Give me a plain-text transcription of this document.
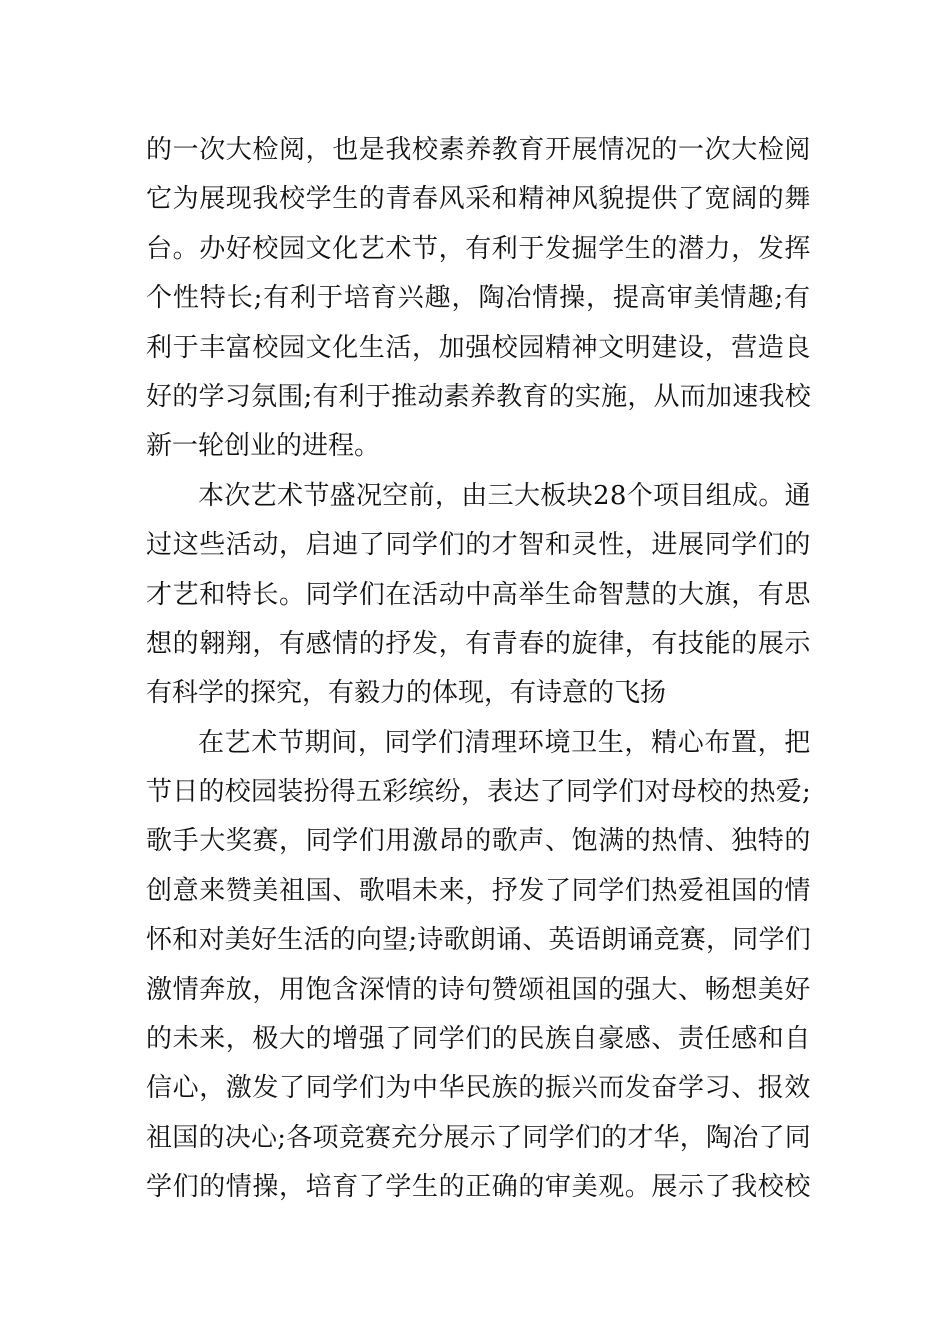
的一次大检阅，也是我校素养教育开展情况的一次大检阅
它为展现我校学生的青春风采和精神风貌提供了宽阔的舞
台。办好校园文化艺术节，有利于发掘学生的潜力，发挥
个性特长;有利于培育兴趣，陶冶情操，提高审美情趣;有
利于丰富校园文化生活，加强校园精神文明建设，营造良
好的学习氛围;有利于推动素养教育的实施，从而加速我校
新一轮创业的进程。
本次艺术节盛况空前，由三大板块28个项目组成。通
过这些活动，启迪了同学们的才智和灵性，进展同学们的
才艺和特长。同学们在活动中高举生命智慧的大旗，有思
想的翱翔，有感情的抒发，有青春的旋律，有技能的展示
有科学的探究，有毅力的体现，有诗意的飞扬
在艺术节期间，同学们清理环境卫生，精心布置，把
节日的校园装扮得五彩缤纷，表达了同学们对母校的热爱;
歌手大奖赛，同学们用激昂的歌声、饱满的热情、独特的
创意来赞美祖国、歌唱未来，抒发了同学们热爱祖国的情
怀和对美好生活的向望;诗歌朗诵、英语朗诵竞赛，同学们
激情奔放，用饱含深情的诗句赞颂祖国的强大、畅想美好
的未来，极大的增强了同学们的民族自豪感、责任感和自
信心，激发了同学们为中华民族的振兴而发奋学习、报效
祖国的决心;各项竞赛充分展示了同学们的才华，陶冶了同
学们的情操，培育了学生的正确的审美观。展示了我校校
